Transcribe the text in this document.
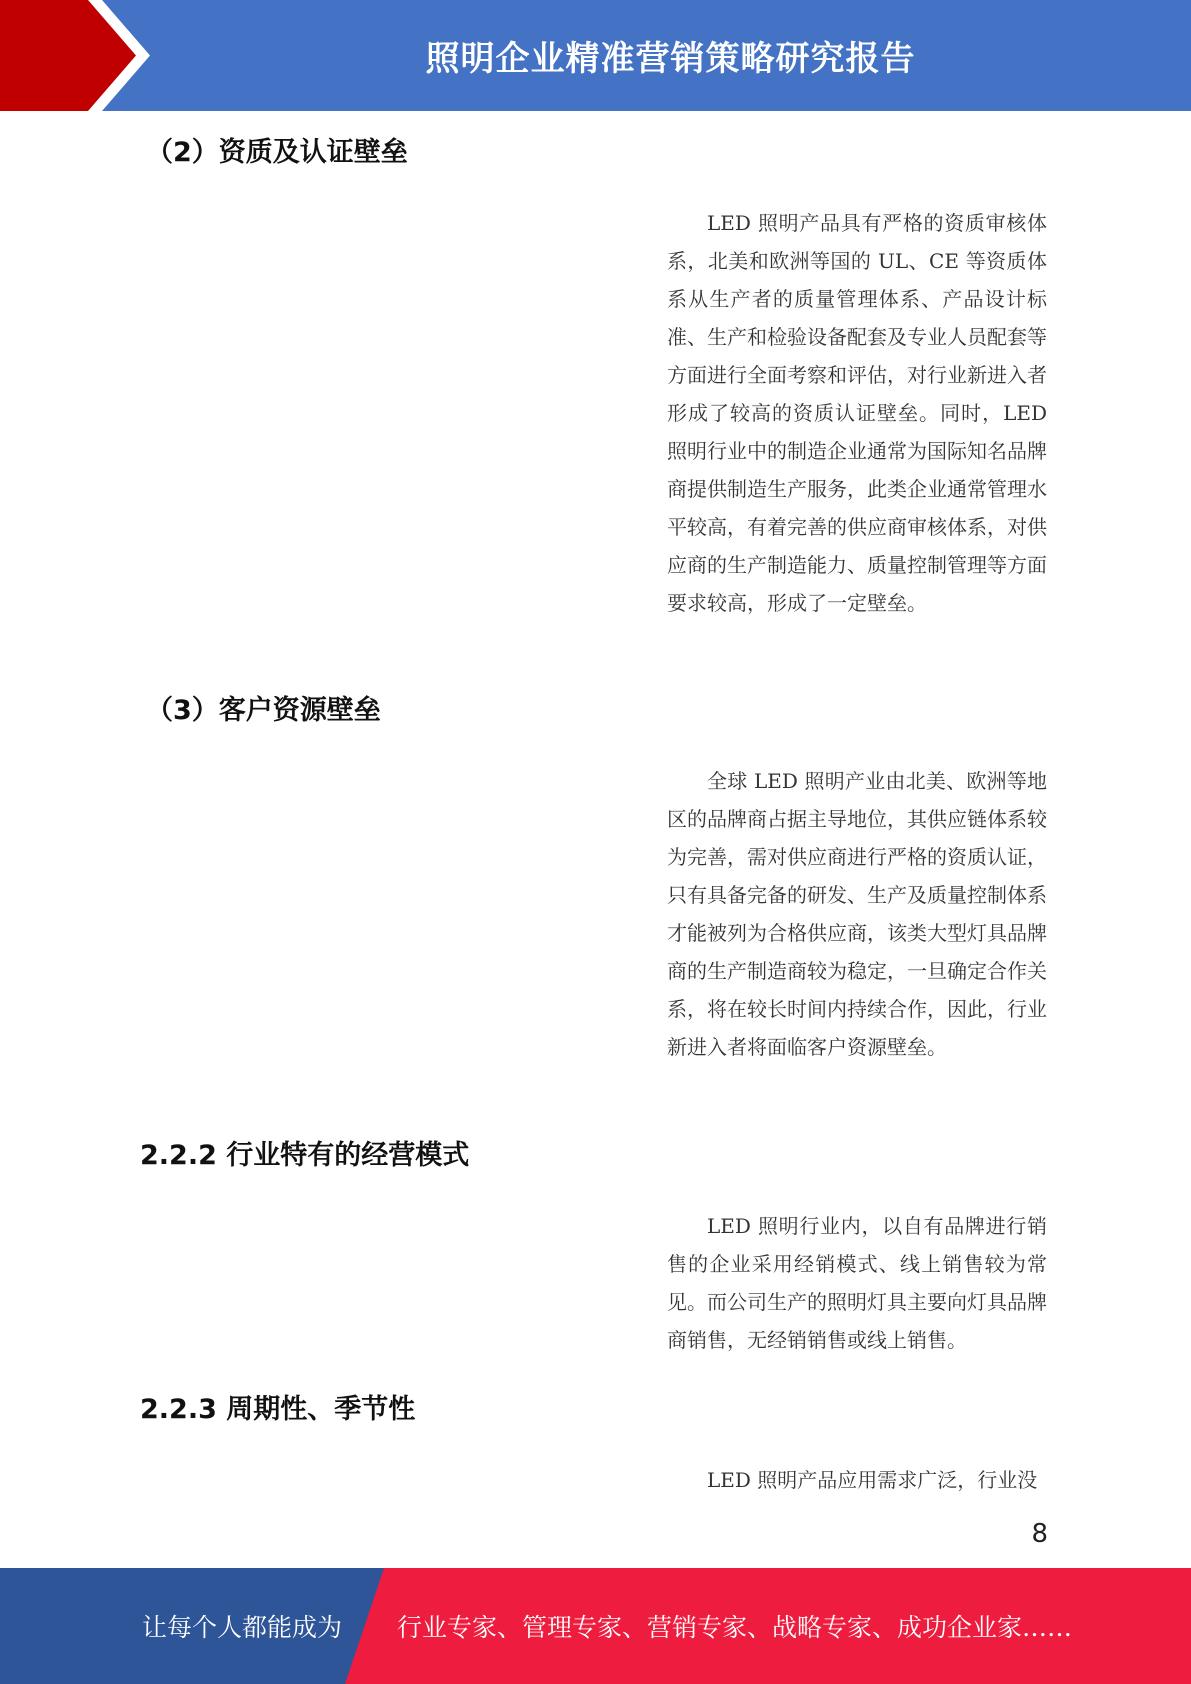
照明企业精准营销策略研究报告
（2）资质及认证壁垒

LED 照明产品具有严格的资质审核体系，北美和欧洲等国的 UL、CE 等资质体系从生产者的质量管理体系、产品设计标准、生产和检验设备配套及专业人员配套等方面进行全面考察和评估，对行业新进入者形成了较高的资质认证壁垒。同时，LED 照明行业中的制造企业通常为国际知名品牌商提供制造生产服务，此类企业通常管理水平较高，有着完善的供应商审核体系，对供应商的生产制造能力、质量控制管理等方面要求较高，形成了一定壁垒。

（3）客户资源壁垒

全球 LED 照明产业由北美、欧洲等地区的品牌商占据主导地位，其供应链体系较为完善，需对供应商进行严格的资质认证，只有具备完备的研发、生产及质量控制体系才能被列为合格供应商，该类大型灯具品牌商的生产制造商较为稳定，一旦确定合作关系，将在较长时间内持续合作，因此，行业新进入者将面临客户资源壁垒。

2.2.2 行业特有的经营模式

LED 照明行业内，以自有品牌进行销售的企业采用经销模式、线上销售较为常见。而公司生产的照明灯具主要向灯具品牌商销售，无经销销售或线上销售。

2.2.3 周期性、季节性

LED 照明产品应用需求广泛，行业没

8
让每个人都能成为 行业专家、管理专家、营销专家、战略专家、成功企业家……
